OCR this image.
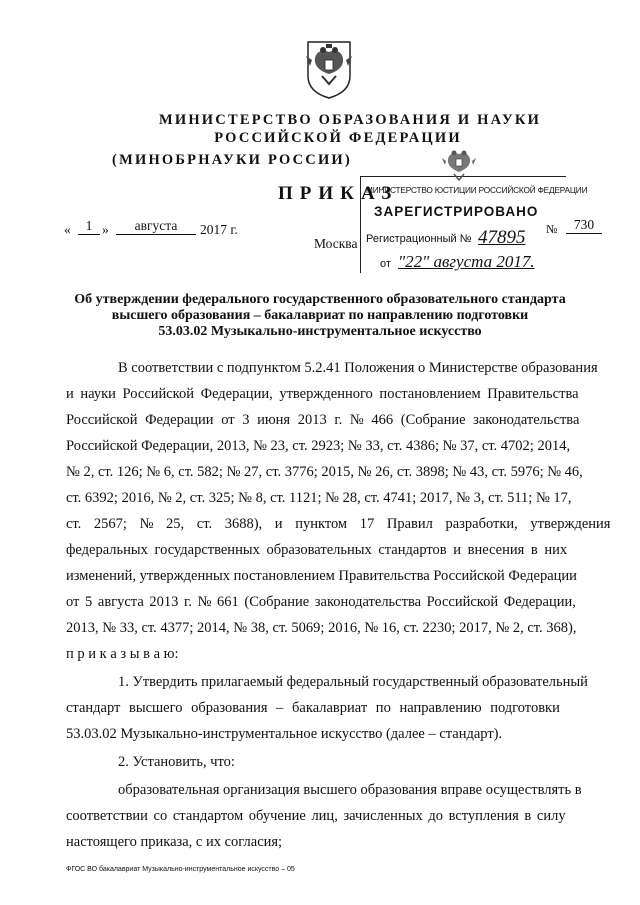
МИНИСТЕРСТВО ОБРАЗОВАНИЯ И НАУКИ
РОССИЙСКОЙ ФЕДЕРАЦИИ
(МИНОБРНАУКИ РОССИИ)
ПРИКАЗ
МИНИСТЕРСТВО ЮСТИЦИИ РОССИЙСКОЙ ФЕДЕРАЦИИ
ЗАРЕГИСТРИРОВАНО
Регистрационный № 47895
от "22" августа 2017.
«	1 »	августа	2017 г.
Москва
№	730
Об утверждении федерального государственного образовательного стандарта
высшего образования – бакалавриат по направлению подготовки
53.03.02 Музыкально-инструментальное искусство
В соответствии с подпунктом 5.2.41 Положения о Министерстве образования
и науки Российской Федерации, утвержденного постановлением Правительства
Российской Федерации от 3 июня 2013 г. № 466 (Собрание законодательства
Российской Федерации, 2013, № 23, ст. 2923; № 33, ст. 4386; № 37, ст. 4702; 2014,
№ 2, ст. 126; № 6, ст. 582; № 27, ст. 3776; 2015, № 26, ст. 3898; № 43, ст. 5976; № 46,
ст. 6392; 2016, № 2, ст. 325; № 8, ст. 1121; № 28, ст. 4741; 2017, № 3, ст. 511; № 17,
ст. 2567; № 25, ст. 3688), и пунктом 17 Правил разработки, утверждения
федеральных государственных образовательных стандартов и внесения в них
изменений, утвержденных постановлением Правительства Российской Федерации
от 5 августа 2013 г. № 661 (Собрание законодательства Российской Федерации,
2013, № 33, ст. 4377; 2014, № 38, ст. 5069; 2016, № 16, ст. 2230; 2017, № 2, ст. 368),
п р и к а з ы в а ю:
1. Утвердить прилагаемый федеральный государственный образовательный
стандарт высшего образования – бакалавриат по направлению подготовки
53.03.02 Музыкально-инструментальное искусство (далее – стандарт).
2. Установить, что:
образовательная организация высшего образования вправе осуществлять в
соответствии со стандартом обучение лиц, зачисленных до вступления в силу
настоящего приказа, с их согласия;
ФГОС ВО бакалавриат Музыкально-инструментальное искусство – 05
